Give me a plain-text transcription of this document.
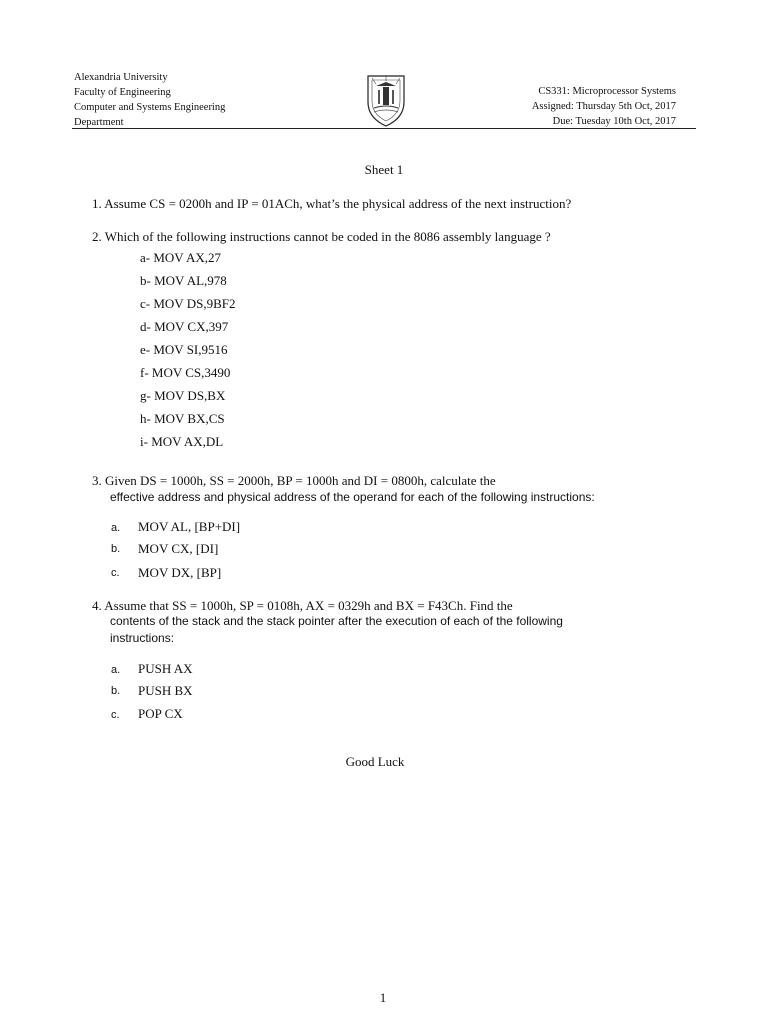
Alexandria University
Faculty of Engineering
Computer and Systems Engineering
Department
CS331: Microprocessor Systems
Assigned: Thursday 5th Oct, 2017
Due: Tuesday 10th Oct, 2017
Sheet 1
1. Assume CS = 0200h and IP = 01ACh, what’s the physical address of the next instruction?
2. Which of the following instructions cannot be coded in the 8086 assembly language ?
a- MOV AX,27
b- MOV AL,978
c- MOV DS,9BF2
d- MOV CX,397
e- MOV SI,9516
f- MOV CS,3490
g- MOV DS,BX
h- MOV BX,CS
i- MOV AX,DL
3. Given DS = 1000h, SS = 2000h, BP = 1000h and DI = 0800h, calculate the
effective address and physical address of the operand for each of the following instructions:
a. MOV AL, [BP+DI]
b. MOV CX, [DI]
c. MOV DX, [BP]
4. Assume that SS = 1000h, SP = 0108h, AX = 0329h and BX = F43Ch. Find the
contents of the stack and the stack pointer after the execution of each of the following
instructions:
a. PUSH AX
b. PUSH BX
c. POP CX
Good Luck
1
